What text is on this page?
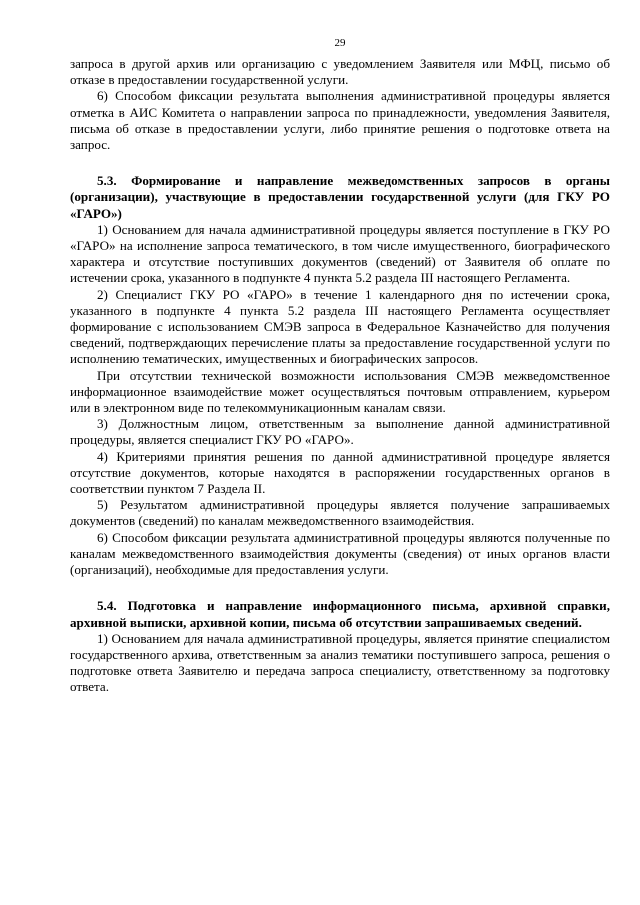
29

запроса в другой архив или организацию с уведомлением Заявителя или МФЦ, письмо об отказе в предоставлении государственной услуги.

6) Способом фиксации результата выполнения административной процедуры является отметка в АИС Комитета о направлении запроса по принадлежности, уведомления Заявителя, письма об отказе в предоставлении услуги, либо принятие решения о подготовке ответа на запрос.

5.3. Формирование и направление межведомственных запросов в органы (организации), участвующие в предоставлении государственной услуги (для ГКУ РО «ГАРО»)

1) Основанием для начала административной процедуры является поступление в ГКУ РО «ГАРО» на исполнение запроса тематического, в том числе имущественного, биографического характера и отсутствие поступивших документов (сведений) от Заявителя об оплате по истечении срока, указанного в подпункте 4 пункта 5.2 раздела III настоящего Регламента.

2) Специалист ГКУ РО «ГАРО» в течение 1 календарного дня по истечении срока, указанного в подпункте 4 пункта 5.2 раздела III настоящего Регламента осуществляет формирование с использованием СМЭВ запроса в Федеральное Казначейство для получения сведений, подтверждающих перечисление платы за предоставление государственной услуги по исполнению тематических, имущественных и биографических запросов.

При отсутствии технической возможности использования СМЭВ межведомственное информационное взаимодействие может осуществляться почтовым отправлением, курьером или в электронном виде по телекоммуникационным каналам связи.

3) Должностным лицом, ответственным за выполнение данной административной процедуры, является специалист ГКУ РО «ГАРО».

4) Критериями принятия решения по данной административной процедуре является отсутствие документов, которые находятся в распоряжении государственных органов в соответствии пунктом 7 Раздела II.

5) Результатом административной процедуры является получение запрашиваемых документов (сведений) по каналам межведомственного взаимодействия.

6) Способом фиксации результата административной процедуры являются полученные по каналам межведомственного взаимодействия документы (сведения) от иных органов власти (организаций), необходимые для предоставления услуги.

5.4. Подготовка и направление информационного письма, архивной справки, архивной выписки, архивной копии, письма об отсутствии запрашиваемых сведений.

1) Основанием для начала административной процедуры, является принятие специалистом государственного архива, ответственным за анализ тематики поступившего запроса, решения о подготовке ответа Заявителю и передача запроса специалисту, ответственному за подготовку ответа.
